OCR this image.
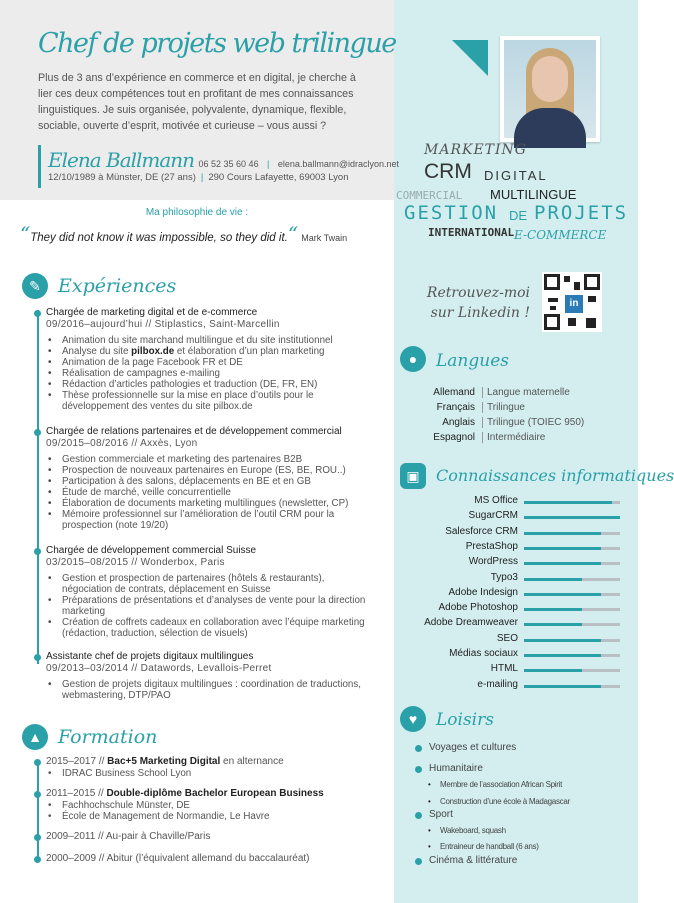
Chef de projets web trilingue

Plus de 3 ans d’expérience en commerce et en digital, je cherche à lier ces deux compétences tout en profitant de mes connaissances linguistiques. Je suis organisée, polyvalente, dynamique, flexible, sociable, ouverte d’esprit, motivée et curieuse – vous aussi ?

Elena Ballmann 06 52 35 60 46 | elena.ballmann@idraclyon.net
12/10/1989 à Münster, DE (27 ans) | 290 Cours Lafayette, 69003 Lyon
Ma philosophie de vie :
“They did not know it was impossible, so they did it.“ Mark Twain
MARKETING
CRM DIGITAL
COMMERCIAL MULTILINGUE
GESTION DE PROJETS
INTERNATIONAL E-COMMERCE
✎ Expériences
Chargée de marketing digital et de e-commerce
09/2016–aujourd’hui // Stiplastics, Saint-Marcellin
• Animation du site marchand multilingue et du site institutionnel
• Analyse du site pilbox.de et élaboration d’un plan marketing
• Animation de la page Facebook FR et DE
• Réalisation de campagnes e-mailing
• Rédaction d’articles pathologies et traduction (DE, FR, EN)
• Thèse professionnelle sur la mise en place d’outils pour le développement des ventes du site pilbox.de
Chargée de relations partenaires et de développement commercial
09/2015–08/2016 // Axxès, Lyon
• Gestion commerciale et marketing des partenaires B2B
• Prospection de nouveaux partenaires en Europe (ES, BE, ROU..)
• Participation à des salons, déplacements en BE et en GB
• Étude de marché, veille concurrentielle
• Élaboration de documents marketing multilingues (newsletter, CP)
• Mémoire professionnel sur l’amélioration de l’outil CRM pour la prospection (note 19/20)
Chargée de développement commercial Suisse
03/2015–08/2015 // Wonderbox, Paris
• Gestion et prospection de partenaires (hôtels & restaurants), négociation de contrats, déplacement en Suisse
• Préparations de présentations et d’analyses de vente pour la direction marketing
• Création de coffrets cadeaux en collaboration avec l’équipe marketing (rédaction, traduction, sélection de visuels)
Assistante chef de projets digitaux multilingues
09/2013–03/2014 // Datawords, Levallois-Perret
• Gestion de projets digitaux multilingues : coordination de traductions, webmastering, DTP/PAO
▲ Formation
2015–2017 // Bac+5 Marketing Digital en alternance
• IDRAC Business School Lyon
2011–2015 // Double-diplôme Bachelor European Business
• Fachhochschule Münster, DE
• École de Management de Normandie, Le Havre
2009–2011 // Au-pair à Chaville/Paris
2000–2009 // Abitur (l’équivalent allemand du baccalauréat)
Retrouvez-moi
sur Linkedin !
in
●	Langues
Allemand	Langue maternelle
Français	Trilingue
Anglais	Trilingue (TOIEC 950)
Espagnol	Intermédiaire
▣	Connaissances informatiques
MS Office
SugarCRM
Salesforce CRM
PrestaShop
WordPress
Typo3
Adobe Indesign
Adobe Photoshop
Adobe Dreamweaver
SEO
Médias sociaux
HTML
e-mailing
♥	Loisirs
Voyages et cultures
Humanitaire
• Membre de l’association African Spirit
• Construction d’une école à Madagascar
Sport
• Wakeboard, squash
• Entraineur de handball (6 ans)
Cinéma & littérature
